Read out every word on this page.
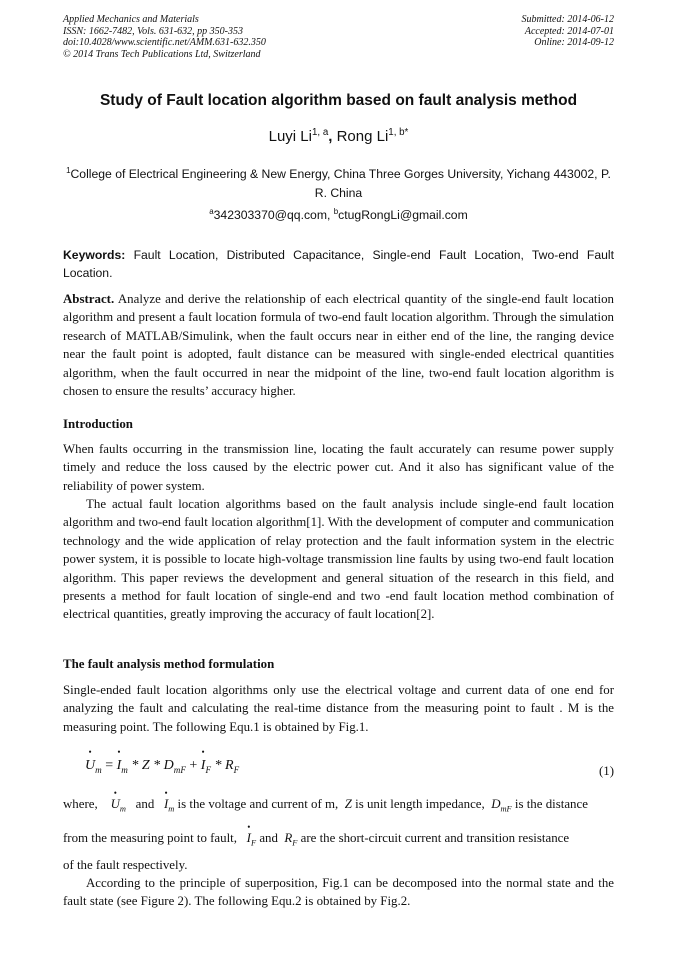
Applied Mechanics and Materials
ISSN: 1662-7482, Vols. 631-632, pp 350-353
doi:10.4028/www.scientific.net/AMM.631-632.350
© 2014 Trans Tech Publications Ltd, Switzerland
Submitted: 2014-06-12
Accepted: 2014-07-01
Online: 2014-09-12
Study of Fault location algorithm based on fault analysis method
Luyi Li$^{1, a}$, Rong $Li^{1, b*}$
$^1$College of Electrical Engineering & New Energy, China Three Gorges University, Yichang 443002, P. R. China
$^a$342303370@qq.com, $^b$ctugRongLi@gmail.com
Keywords: Fault Location, Distributed Capacitance, Single-end Fault Location, Two-end Fault Location.
Abstract. Analyze and derive the relationship of each electrical quantity of the single-end fault location algorithm and present a fault location formula of two-end fault location algorithm. Through the simulation research of MATLAB/Simulink, when the fault occurs near in either end of the line, the ranging device near the fault point is adopted, fault distance can be measured with single-ended electrical quantities algorithm, when the fault occurred in near the midpoint of the line, two-end fault location algorithm is chosen to ensure the results’ accuracy higher.
Introduction
When faults occurring in the transmission line, locating the fault accurately can resume power supply timely and reduce the loss caused by the electric power cut. And it also has significant value of the reliability of power system.
The actual fault location algorithms based on the fault analysis include single-end fault location algorithm and two-end fault location algorithm[1]. With the development of computer and communication technology and the wide application of relay protection and the fault information system in the electric power system, it is possible to locate high-voltage transmission line faults by using two-end fault location algorithm. This paper reviews the development and general situation of the research in this field, and presents a method for fault location of single-end and two -end fault location method combination of electrical quantities, greatly improving the accuracy of fault location[2].
The fault analysis method formulation
Single-ended fault location algorithms only use the electrical voltage and current data of one end for analyzing the fault and calculating the real-time distance from the measuring point to fault . M is the measuring point. The following Equ.1 is obtained by Fig.1.
• $U_m$ = • $I_m$ * Z * $D_{mF}$ + • $I_F * R_F$	(1)
where, • $U_m$ and • $I_m$ is the voltage and current of m, Z is unit length impedance, $D_{mF}$ is the distance
from the measuring point to fault, • $I_F$ and $R_F$ are the short-circuit current and transition resistance
of the fault respectively.
According to the principle of superposition, Fig.1 can be decomposed into the normal state and the fault state (see Figure 2). The following Equ.2 is obtained by Fig.2.
